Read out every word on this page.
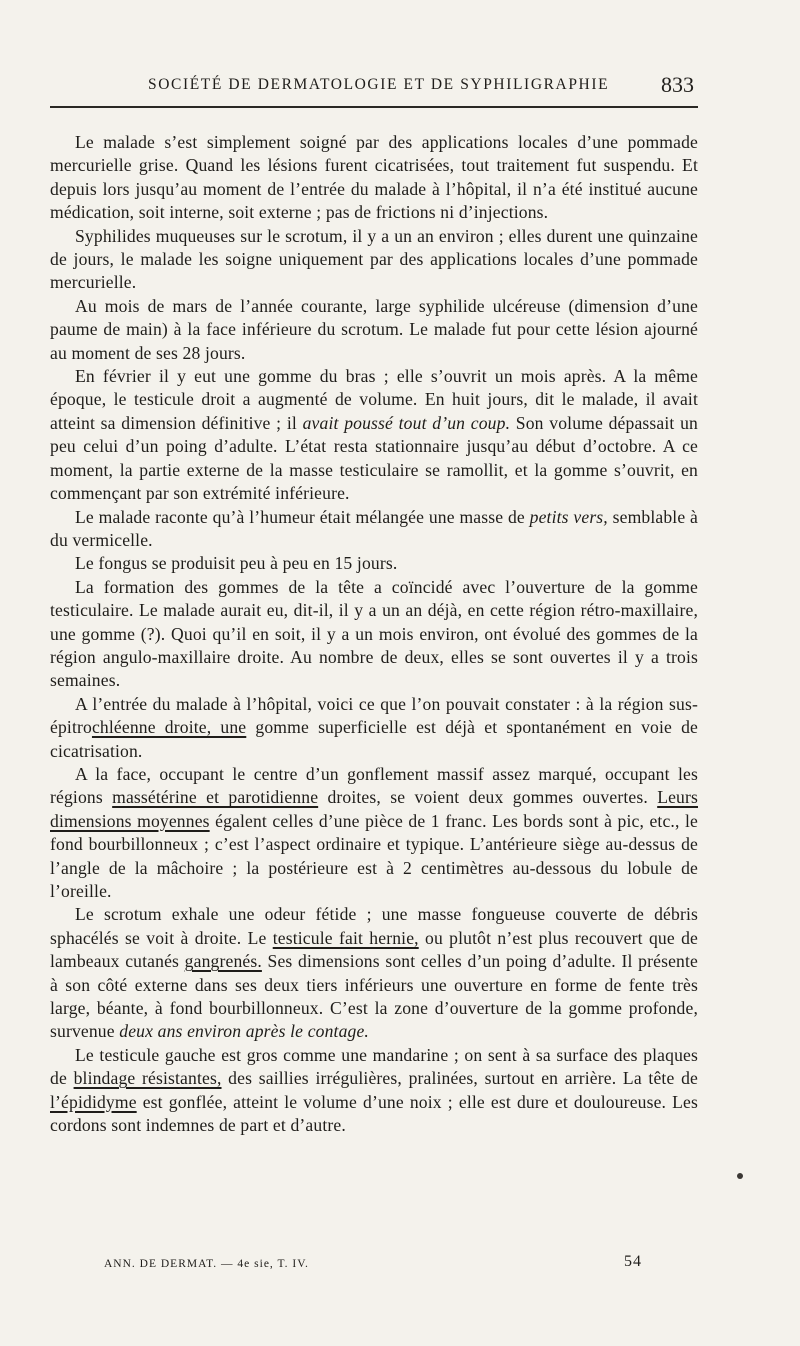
SOCIÉTÉ DE DERMATOLOGIE ET DE SYPHILIGRAPHIE 833

Le malade s’est simplement soigné par des applications locales d’une pommade mercurielle grise. Quand les lésions furent cicatrisées, tout traitement fut suspendu. Et depuis lors jusqu’au moment de l’entrée du malade à l’hôpital, il n’a été institué aucune médication, soit interne, soit externe ; pas de frictions ni d’injections.

Syphilides muqueuses sur le scrotum, il y a un an environ ; elles durent une quinzaine de jours, le malade les soigne uniquement par des applications locales d’une pommade mercurielle.

Au mois de mars de l’année courante, large syphilide ulcéreuse (dimension d’une paume de main) à la face inférieure du scrotum. Le malade fut pour cette lésion ajourné au moment de ses 28 jours.

En février il y eut une gomme du bras ; elle s’ouvrit un mois après. A la même époque, le testicule droit a augmenté de volume. En huit jours, dit le malade, il avait atteint sa dimension définitive ; il avait poussé tout d’un coup. Son volume dépassait un peu celui d’un poing d’adulte. L’état resta stationnaire jusqu’au début d’octobre. A ce moment, la partie externe de la masse testiculaire se ramollit, et la gomme s’ouvrit, en commençant par son extrémité inférieure.

Le malade raconte qu’à l’humeur était mélangée une masse de petits vers, semblable à du vermicelle.

Le fongus se produisit peu à peu en 15 jours.

La formation des gommes de la tête a coïncidé avec l’ouverture de la gomme testiculaire. Le malade aurait eu, dit-il, il y a un an déjà, en cette région rétro-maxillaire, une gomme (?). Quoi qu’il en soit, il y a un mois environ, ont évolué des gommes de la région angulo-maxillaire droite. Au nombre de deux, elles se sont ouvertes il y a trois semaines.

A l’entrée du malade à l’hôpital, voici ce que l’on pouvait constater : à la région sus-épitrochléenne droite, une gomme superficielle est déjà et spontanément en voie de cicatrisation.

A la face, occupant le centre d’un gonflement massif assez marqué, occupant les régions massétérine et parotidienne droites, se voient deux gommes ouvertes. Leurs dimensions moyennes égalent celles d’une pièce de 1 franc. Les bords sont à pic, etc., le fond bourbillonneux ; c’est l’aspect ordinaire et typique. L’antérieure siège au-dessus de l’angle de la mâchoire ; la postérieure est à 2 centimètres au-dessous du lobule de l’oreille.

Le scrotum exhale une odeur fétide ; une masse fongueuse couverte de débris sphacélés se voit à droite. Le testicule fait hernie, ou plutôt n’est plus recouvert que de lambeaux cutanés gangrenés. Ses dimensions sont celles d’un poing d’adulte. Il présente à son côté externe dans ses deux tiers inférieurs une ouverture en forme de fente très large, béante, à fond bourbillonneux. C’est la zone d’ouverture de la gomme profonde, survenue deux ans environ après le contage.

Le testicule gauche est gros comme une mandarine ; on sent à sa surface des plaques de blindage résistantes, des saillies irrégulières, pralinées, surtout en arrière. La tête de l’épididyme est gonflée, atteint le volume d’une noix ; elle est dure et douloureuse. Les cordons sont indemnes de part et d’autre.

ANN. DE DERMAT. — 4e sie, T. IV.	54
